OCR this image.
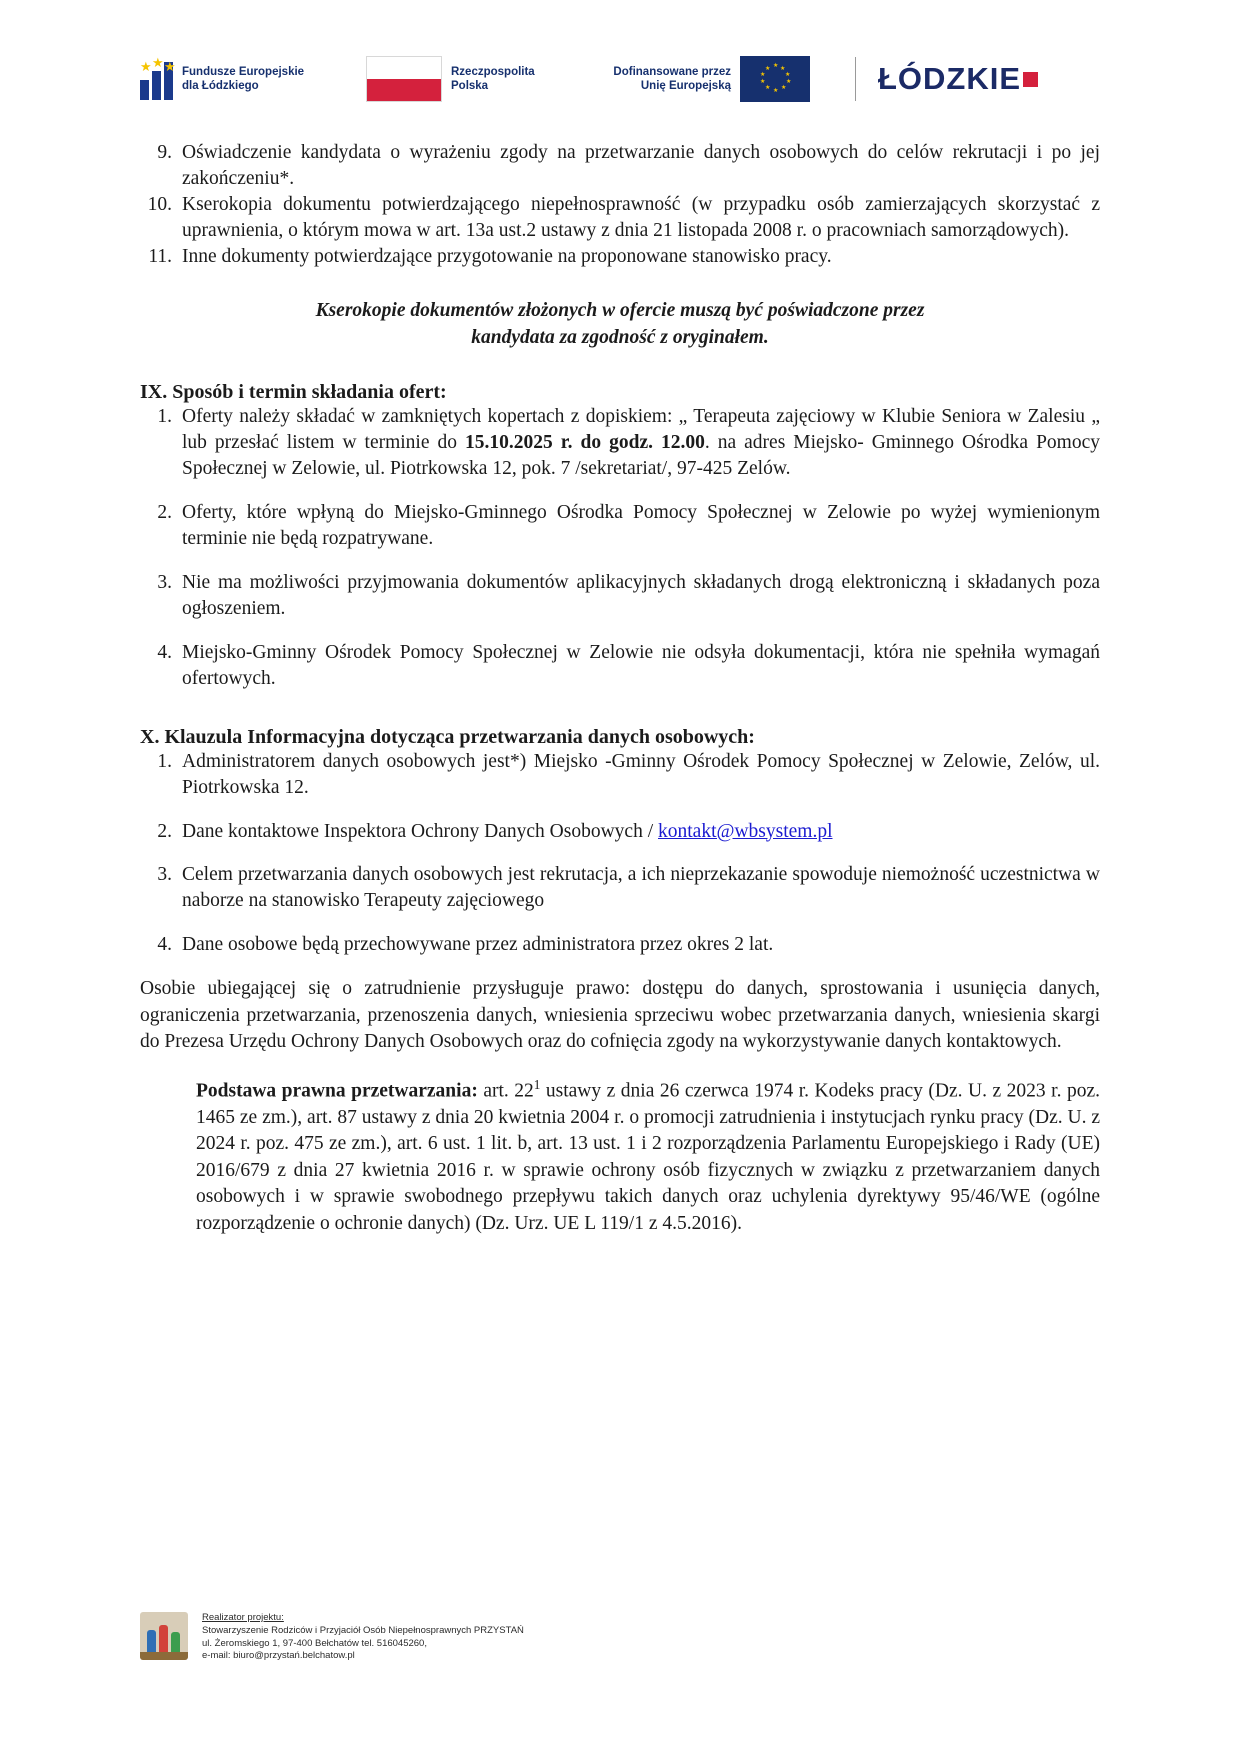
★ ★ ★ Fundusze Europejskie
dla Łódzkiego
Rzeczpospolita
Polska
Dofinansowane przez
Unię Europejską
★ ★
★
★
★
★
★
★
★
★	ŁÓDZKIE
9. Oświadczenie kandydata o wyrażeniu zgody na przetwarzanie danych osobowych do celów rekrutacji i po jej zakończeniu*.
10. Kserokopia dokumentu potwierdzającego niepełnosprawność (w przypadku osób zamierzających skorzystać z uprawnienia, o którym mowa w art. 13a ust.2 ustawy z dnia 21 listopada 2008 r. o pracowniach samorządowych).
11. Inne dokumenty potwierdzające przygotowanie na proponowane stanowisko pracy.
Kserokopie dokumentów złożonych w ofercie muszą być poświadczone przez
kandydata za zgodność z oryginałem.
IX. Sposób i termin składania ofert:
1. Oferty należy składać w zamkniętych kopertach z dopiskiem: „ Terapeuta zajęciowy w Klubie Seniora w Zalesiu „ lub przesłać listem w terminie do 15.10.2025 r. do godz. 12.00. na adres Miejsko- Gminnego Ośrodka Pomocy Społecznej w Zelowie, ul. Piotrkowska 12, pok. 7 /sekretariat/, 97-425 Zelów.
2. Oferty, które wpłyną do Miejsko-Gminnego Ośrodka Pomocy Społecznej w Zelowie po wyżej wymienionym terminie nie będą rozpatrywane.
3. Nie ma możliwości przyjmowania dokumentów aplikacyjnych składanych drogą elektroniczną i składanych poza ogłoszeniem.
4. Miejsko-Gminny Ośrodek Pomocy Społecznej w Zelowie nie odsyła dokumentacji, która nie spełniła wymagań ofertowych.
X. Klauzula Informacyjna dotycząca przetwarzania danych osobowych:
1. Administratorem danych osobowych jest*) Miejsko -Gminny Ośrodek Pomocy Społecznej w Zelowie, Zelów, ul. Piotrkowska 12.
2. Dane kontaktowe Inspektora Ochrony Danych Osobowych / kontakt@wbsystem.pl
3. Celem przetwarzania danych osobowych jest rekrutacja, a ich nieprzekazanie spowoduje niemożność uczestnictwa w naborze na stanowisko Terapeuty zajęciowego
4. Dane osobowe będą przechowywane przez administratora przez okres 2 lat.

Osobie ubiegającej się o zatrudnienie przysługuje prawo: dostępu do danych, sprostowania i usunięcia danych, ograniczenia przetwarzania, przenoszenia danych, wniesienia sprzeciwu wobec przetwarzania danych, wniesienia skargi do Prezesa Urzędu Ochrony Danych Osobowych oraz do cofnięcia zgody na wykorzystywanie danych kontaktowych.

Podstawa prawna przetwarzania: art. $22^1$ ustawy z dnia 26 czerwca 1974 r. Kodeks pracy (Dz. U. z 2023 r. poz. 1465 ze zm.), art. 87 ustawy z dnia 20 kwietnia 2004 r. o promocji zatrudnienia i instytucjach rynku pracy (Dz. U. z 2024 r. poz. 475 ze zm.), art. 6 ust. 1 lit. b, art. 13 ust. 1 i 2 rozporządzenia Parlamentu Europejskiego i Rady (UE) 2016/679 z dnia 27 kwietnia 2016 r. w sprawie ochrony osób fizycznych w związku z przetwarzaniem danych osobowych i w sprawie swobodnego przepływu takich danych oraz uchylenia dyrektywy 95/46/WE (ogólne rozporządzenie o ochronie danych) (Dz. Urz. UE L 119/1 z 4.5.2016).

Realizator projektu:
Stowarzyszenie Rodziców i Przyjaciół Osób Niepełnosprawnych PRZYSTAŃ
ul. Żeromskiego 1, 97-400 Bełchatów tel. 516045260,
e-mail: biuro@przystań.belchatow.pl
